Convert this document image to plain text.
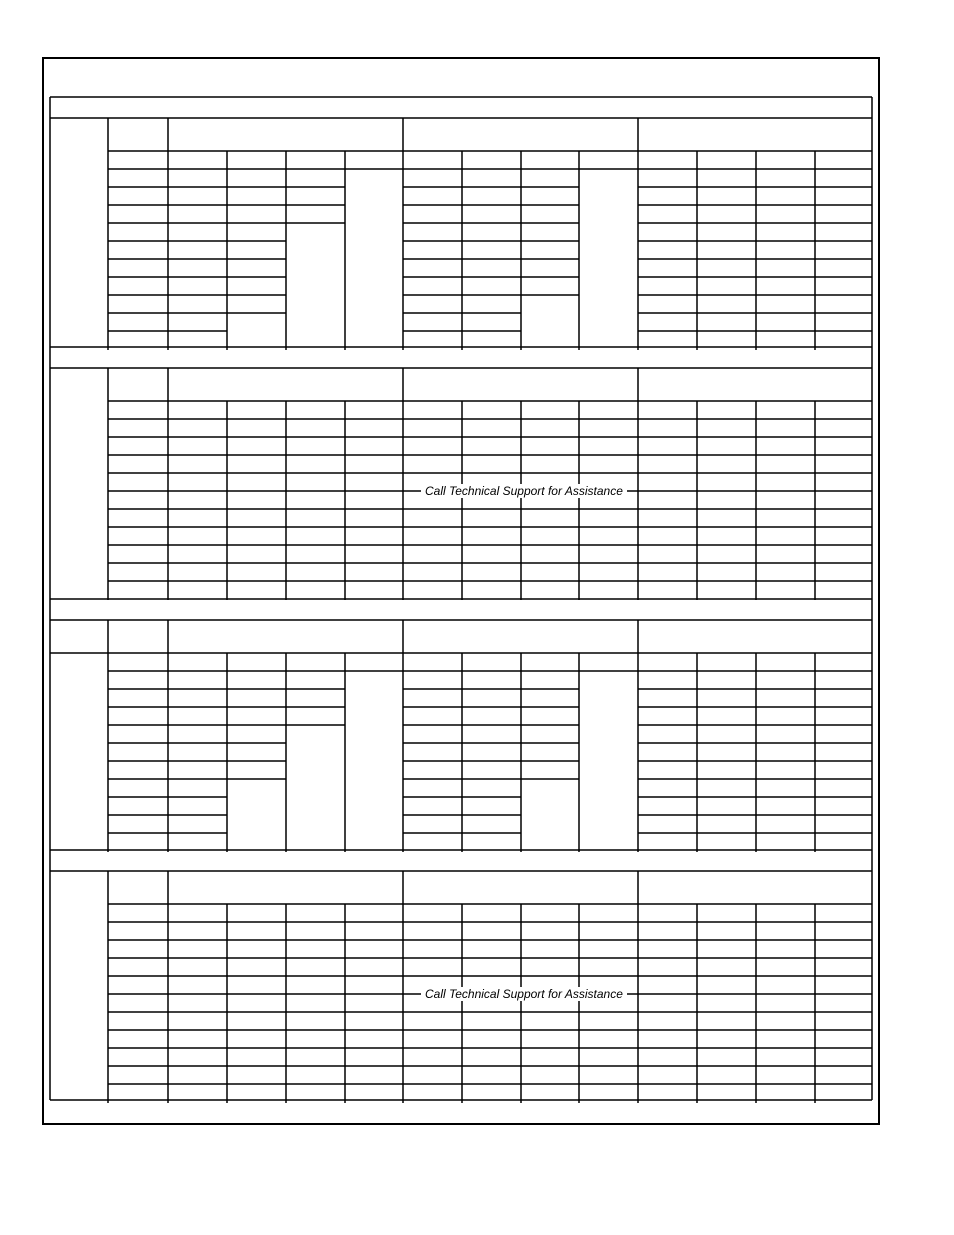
Call Technical Support for Assistance
Call Technical Support for Assistance
